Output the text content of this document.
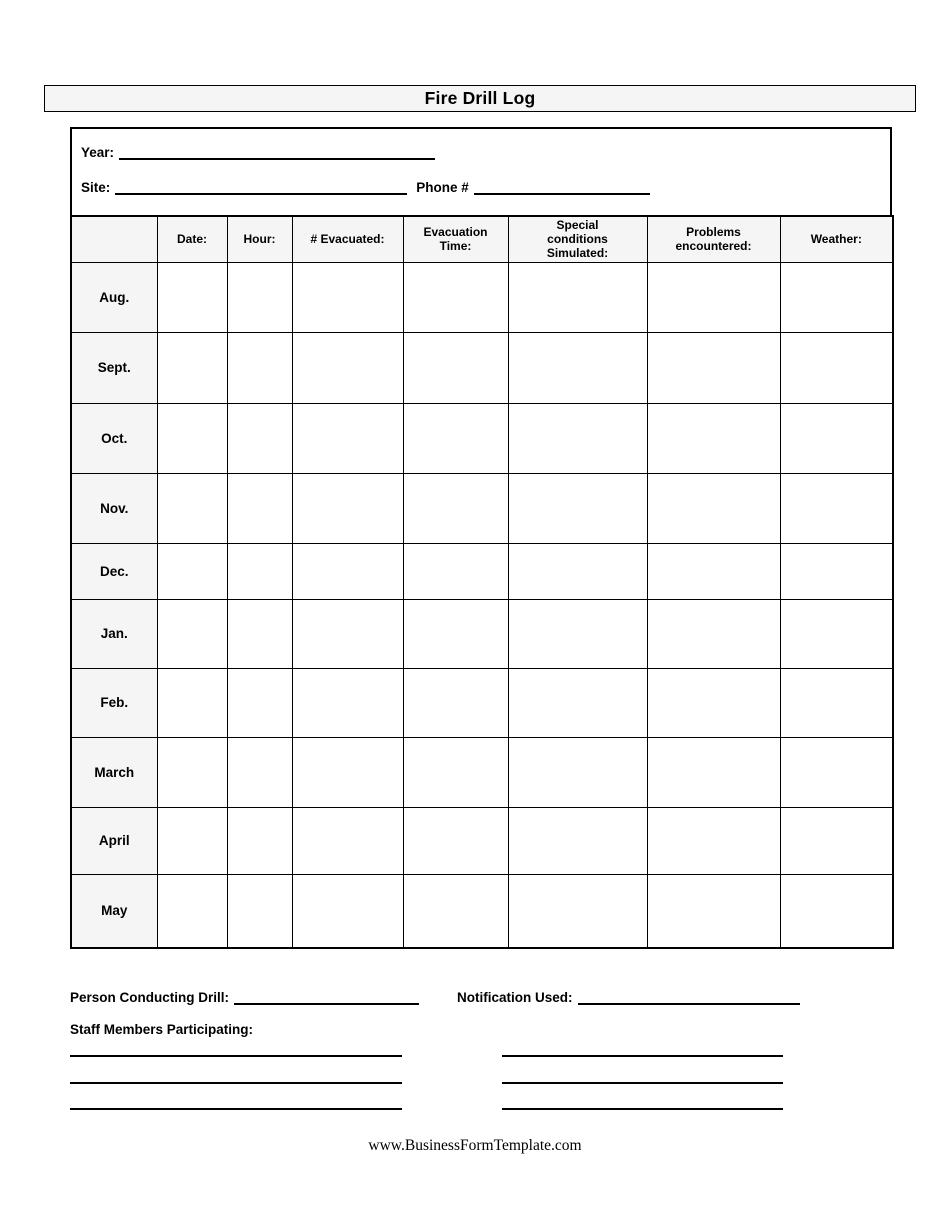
Fire Drill Log
Year:
Site:	Phone #
	Date:	Hour:	# Evacuated:	Evacuation Time:	Special conditions Simulated:	Problems encountered:	Weather:
Aug.							
Sept.							
Oct.							
Nov.							
Dec.							
Jan.							
Feb.							
March							
April							
May							
Person Conducting Drill:	Notification Used:
Staff Members Participating:
www.BusinessFormTemplate.com
